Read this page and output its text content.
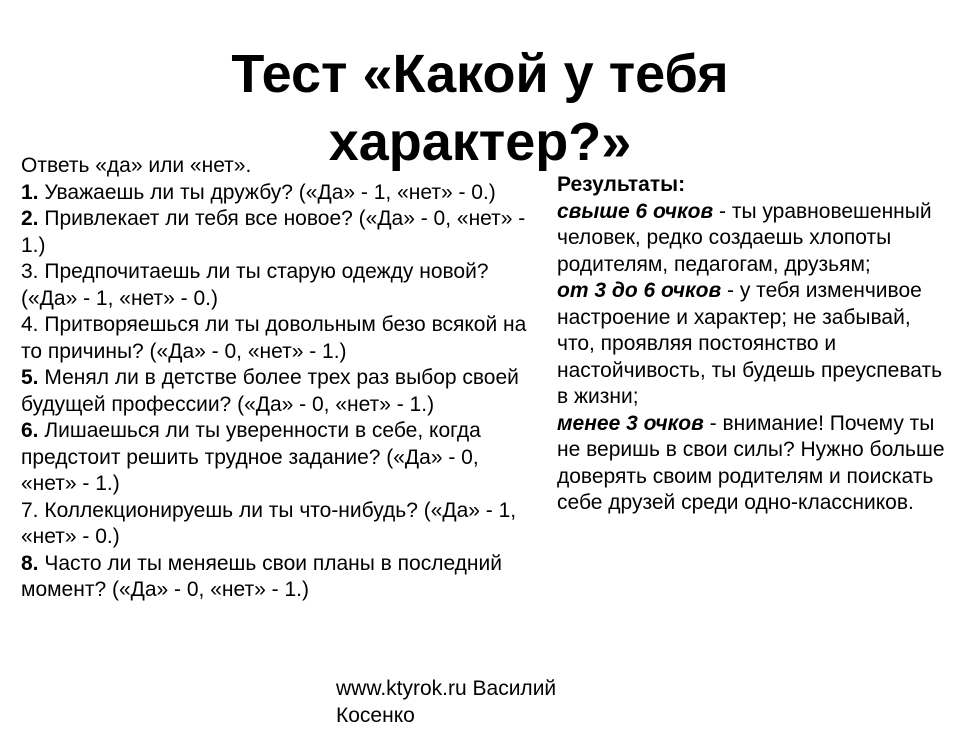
Тест «Какой у тебя характер?»

Ответь «да» или «нет».

1. Уважаешь ли ты дружбу? («Да» - 1, «нет» - 0.)

2. Привлекает ли тебя все новое? («Да» - 0, «нет» - 1.)

3. Предпочитаешь ли ты старую одежду новой? («Да» - 1, «нет» - 0.)

4. Притворяешься ли ты довольным безо всякой на то причины? («Да» - 0, «нет» - 1.)

5. Менял ли в детстве более трех раз выбор своей будущей профессии? («Да» - 0, «нет» - 1.)

6. Лишаешься ли ты уверенности в себе, когда предстоит решить трудное задание? («Да» - 0, «нет» - 1.)

7. Коллекционируешь ли ты что-нибудь? («Да» - 1, «нет» - 0.)

8. Часто ли ты меняешь свои планы в последний момент? («Да» - 0, «нет» - 1.)

Результаты:

свыше 6 очков - ты уравновешенный человек, редко создаешь хлопоты родителям, педагогам, друзьям;

от 3 до 6 очков - у тебя изменчивое настроение и характер; не забывай, что, проявляя постоянство и настойчивость, ты будешь преуспевать в жизни;

менее 3 очков - внимание! Почему ты не веришь в свои силы? Нужно больше доверять своим родителям и поискать себе друзей среди одно-классников.

www.ktyrok.ru Василий Косенко
